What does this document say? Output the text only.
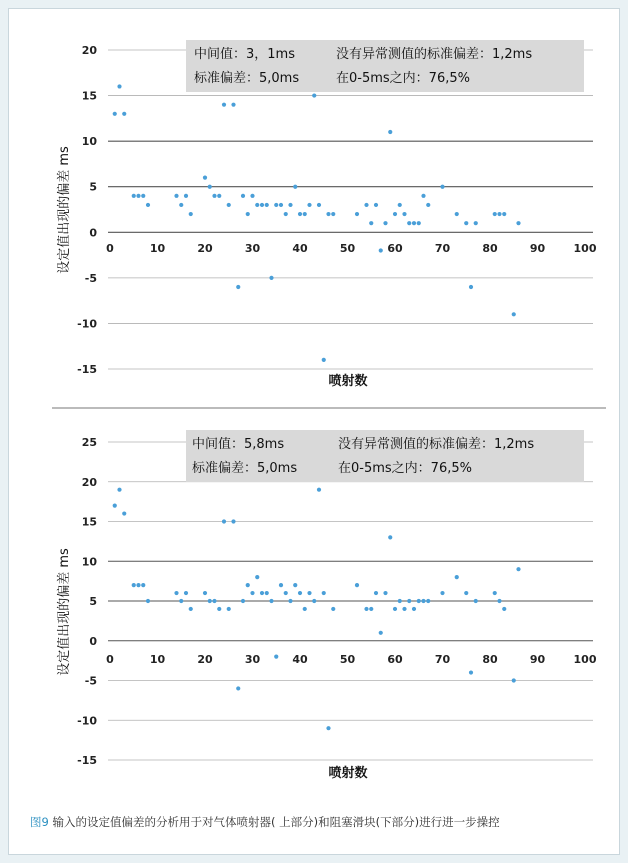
中间值：3，1ms	没有异常测值的标准偏差：1,2ms
标准偏差：5,0ms	在0-5ms之内：76,5%
20
15
10
5
0
-5
-10
-15
0	10	20	30	40	50	60	70	80	90	100
喷射数
设定值出现的偏差 ms
中间值：5,8ms	没有异常测值的标准偏差：1,2ms
标准偏差：5,0ms	在0-5ms之内：76,5%
25
20
15
10
5
0
-5
-10
-15
0	10	20	30	40	50	60	70	80	90	100
喷射数
设定值出现的偏差 ms
图9 输入的设定值偏差的分析用于对气体喷射器( 上部分)和阻塞滑块(下部分)进行进一步操控
